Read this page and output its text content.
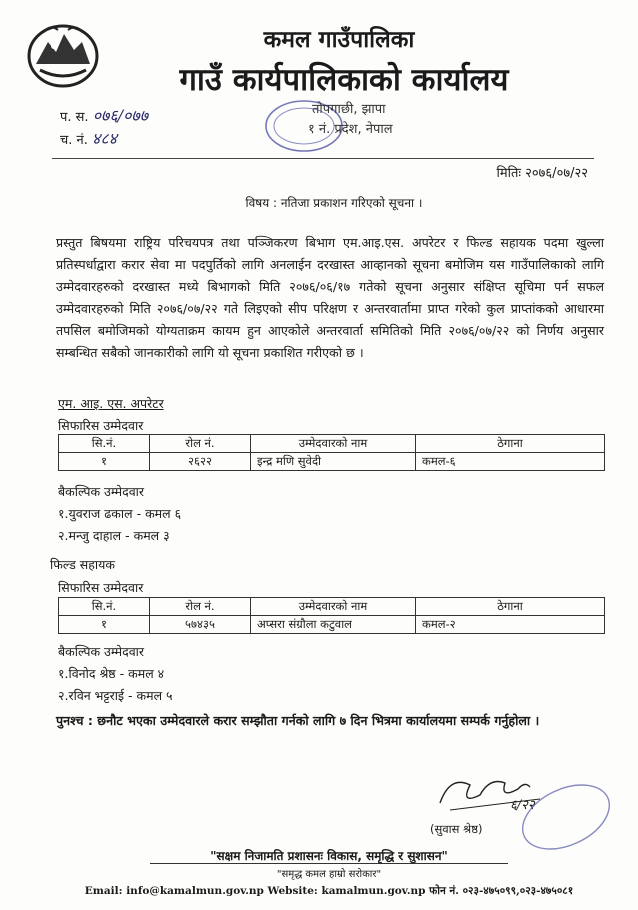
कमल गाउँपालिका
गाउँ कार्यपालिकाको कार्यालय
तोपगाछी, झापा
१ नं. प्रदेश, नेपाल
प. स. ०७६/०७७
च. नं. ४८४
मितिः २०७६/०७/२२
विषय : नतिजा प्रकाशन गरिएको सूचना ।
प्रस्तुत बिषयमा राष्ट्रिय परिचयपत्र तथा पञ्जिकरण बिभाग एम.आइ.एस. अपरेटर र फिल्ड सहायक पदमा खुल्ला प्रतिस्पर्धाद्वारा करार सेवा मा पदपुर्तिको लागि अनलाईन दरखास्त आव्हानको सूचना बमोजिम यस गाउँपालिकाको लागि उम्मेदवारहरुको दरखास्त मध्ये बिभागको मिति २०७६/०६/१७ गतेको सूचना अनुसार संक्षिप्त सूचिमा पर्न सफल उम्मेदवारहरुको मिति २०७६/०७/२२ गते लिइएको सीप परिक्षण र अन्तरवार्तामा प्राप्त गरेको कुल प्राप्तांकको आधारमा तपसिल बमोजिमको योग्यताक्रम कायम हुन आएकोले अन्तरवार्ता समितिको मिति २०७६/०७/२२ को निर्णय अनुसार सम्बन्धित सबैको जानकारीको लागि यो सूचना प्रकाशित गरीएको छ ।
एम. आइ. एस. अपरेटर
सिफारिस उम्मेदवार
सि.नं.	रोल नं.	उम्मेदवारको नाम	ठेगाना
१	२६२२	इन्द्र मणि सुवेदी	कमल-६
बैकल्पिक उम्मेदवार
१.युवराज ढकाल - कमल ६
२.मन्जु दाहाल - कमल ३
फिल्ड सहायक
सिफारिस उम्मेदवार
सि.नं.	रोल नं.	उम्मेदवारको नाम	ठेगाना
१	५७४३५	अप्सरा संग्रौला कटुवाल	कमल-२
बैकल्पिक उम्मेदवार
१.विनोद श्रेष्ठ - कमल ४
२.रविन भट्टराई - कमल ५
पुनश्च : छनौट भएका उम्मेदवारले करार सम्झौता गर्नको लागि ७ दिन भित्रमा कार्यालयमा सम्पर्क गर्नुहोला ।
६/२२
(सुवास श्रेष्ठ)
"सक्षम निजामति प्रशासनः विकास, समृद्धि र सुशासन"
"समृद्ध कमल हाम्रो सरोकार"
Email: info@kamalmun.gov.np Website: kamalmun.gov.np फोन नं. ०२३-४७५०९९,०२३-४७५०८१
